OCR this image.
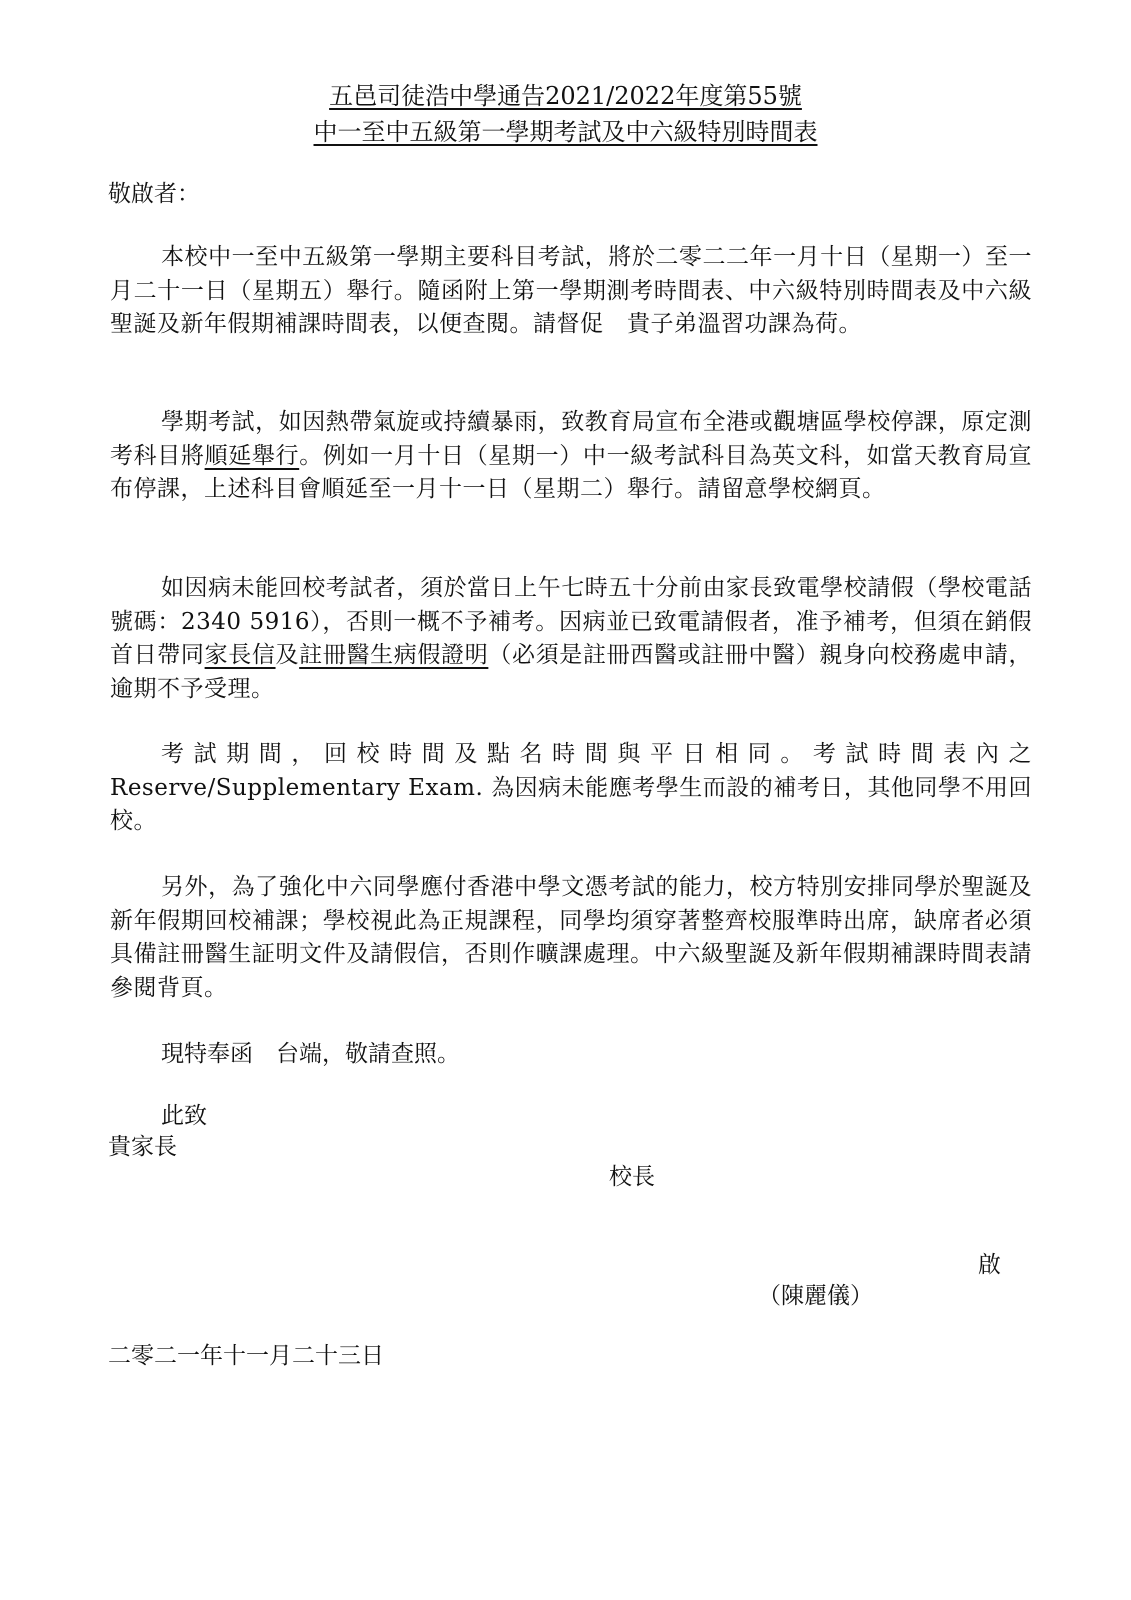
五邑司徒浩中學通告2021/2022年度第55號
中一至中五級第一學期考試及中六級特別時間表
敬啟者：
本校中一至中五級第一學期主要科目考試，將於二零二二年一月十日（星期一）至一月二十一日（星期五）舉行。隨函附上第一學期測考時間表、中六級特別時間表及中六級聖誕及新年假期補課時間表，以便查閱。請督促　貴子弟溫習功課為荷。
學期考試，如因熱帶氣旋或持續暴雨，致教育局宣布全港或觀塘區學校停課，原定測考科目將順延舉行。例如一月十日（星期一）中一級考試科目為英文科，如當天教育局宣布停課，上述科目會順延至一月十一日（星期二）舉行。請留意學校網頁。
如因病未能回校考試者，須於當日上午七時五十分前由家長致電學校請假（學校電話號碼：2340 5916），否則一概不予補考。因病並已致電請假者，准予補考，但須在銷假首日帶同家長信及註冊醫生病假證明（必須是註冊西醫或註冊中醫）親身向校務處申請，逾期不予受理。
考試期間，回校時間及點名時間與平日相同。考試時間表內之Reserve/Supplementary Exam. 為因病未能應考學生而設的補考日，其他同學不用回校。
另外，為了強化中六同學應付香港中學文憑考試的能力，校方特別安排同學於聖誕及新年假期回校補課；學校視此為正規課程，同學均須穿著整齊校服準時出席，缺席者必須具備註冊醫生証明文件及請假信，否則作曠課處理。中六級聖誕及新年假期補課時間表請參閱背頁。
現特奉函　台端，敬請查照。
此致
貴家長
校長
啟
（陳麗儀）
二零二一年十一月二十三日
